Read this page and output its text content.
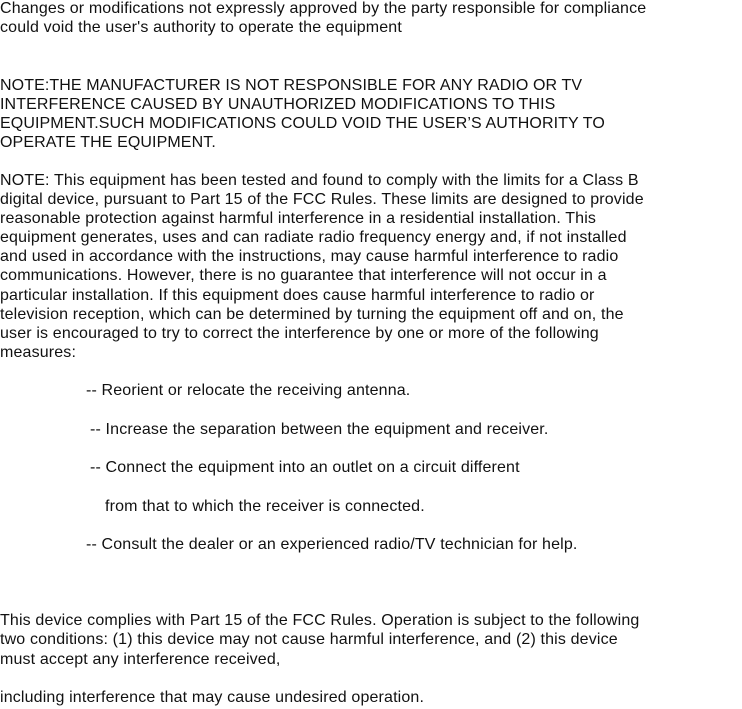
Changes or modifications not expressly approved by the party responsible for compliance
could void the user's authority to operate the equipment
NOTE:THE MANUFACTURER IS NOT RESPONSIBLE FOR ANY RADIO OR TV
INTERFERENCE CAUSED BY UNAUTHORIZED MODIFICATIONS TO THIS
EQUIPMENT.SUCH MODIFICATIONS COULD VOID THE USER’S AUTHORITY TO
OPERATE THE EQUIPMENT.
NOTE: This equipment has been tested and found to comply with the limits for a Class B
digital device, pursuant to Part 15 of the FCC Rules. These limits are designed to provide
reasonable protection against harmful interference in a residential installation. This
equipment generates, uses and can radiate radio frequency energy and, if not installed
and used in accordance with the instructions, may cause harmful interference to radio
communications. However, there is no guarantee that interference will not occur in a
particular installation. If this equipment does cause harmful interference to radio or
television reception, which can be determined by turning the equipment off and on, the
user is encouraged to try to correct the interference by one or more of the following
measures:
-- Reorient or relocate the receiving antenna.
-- Increase the separation between the equipment and receiver.
-- Connect the equipment into an outlet on a circuit different
from that to which the receiver is connected.
-- Consult the dealer or an experienced radio/TV technician for help.
This device complies with Part 15 of the FCC Rules. Operation is subject to the following
two conditions: (1) this device may not cause harmful interference, and (2) this device
must accept any interference received,
including interference that may cause undesired operation.
